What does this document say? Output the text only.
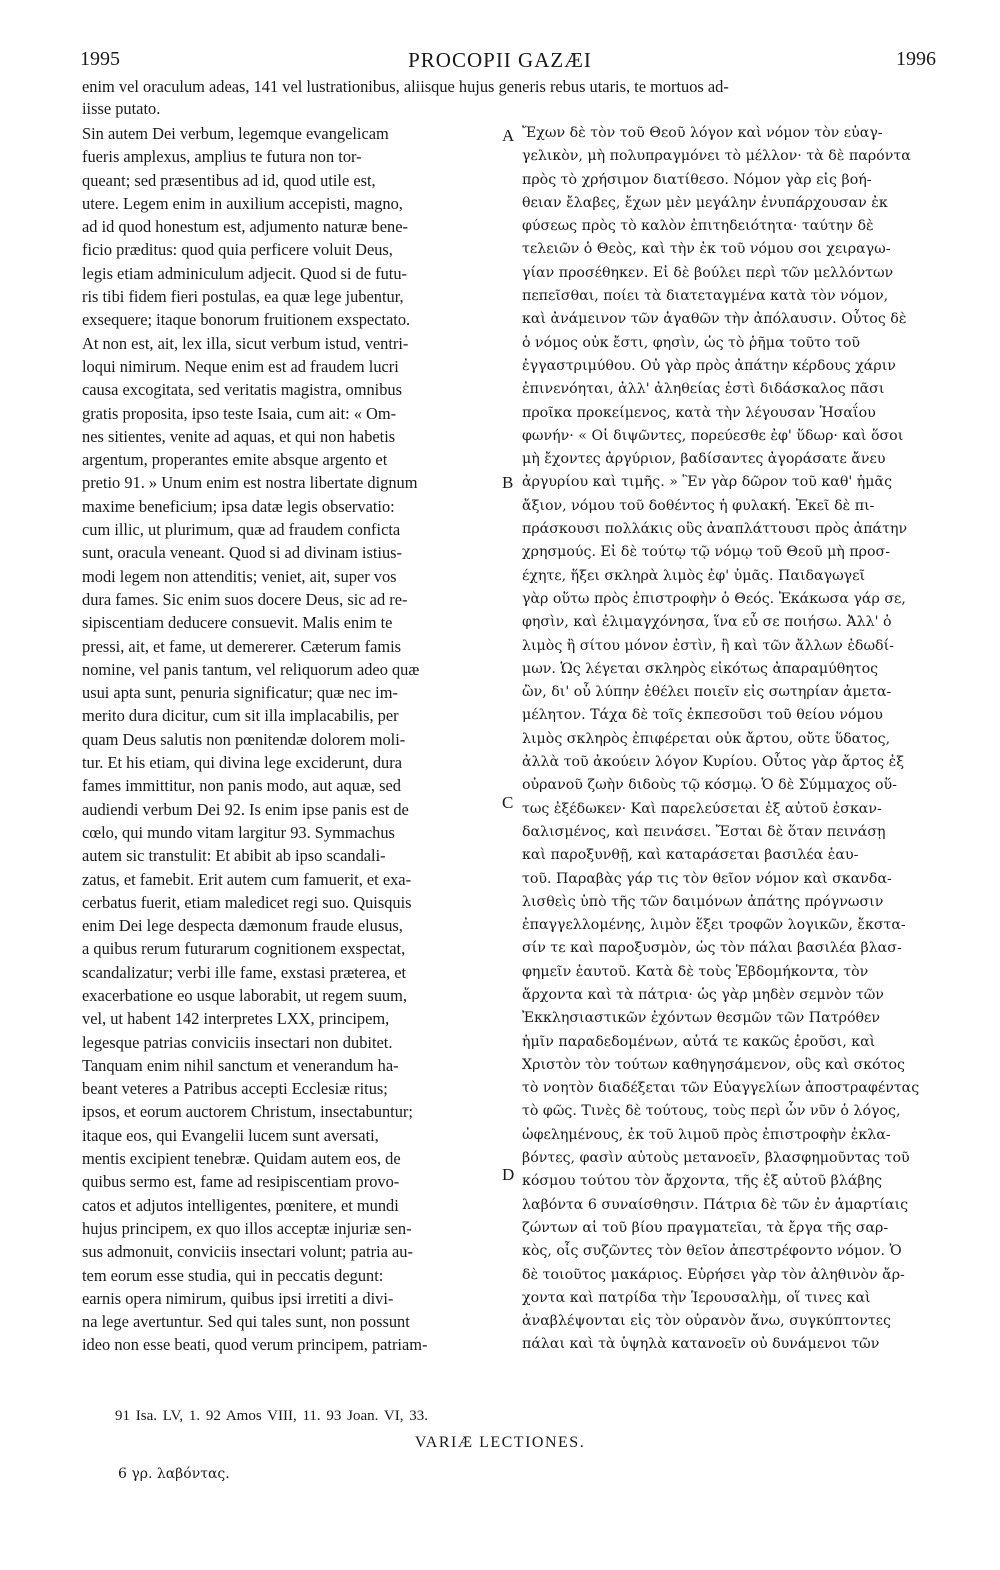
1995	PROCOPII GAZÆI	1996
enim vel oraculum adeas, 141 vel lustrationibus, aliisque hujus generis rebus utaris, te mortuos ad-
iisse putato.
Sin autem Dei verbum, legemque evangelicam
fueris amplexus, amplius te futura non tor-
queant; sed præsentibus ad id, quod utile est,
utere. Legem enim in auxilium accepisti, magno,
ad id quod honestum est, adjumento naturæ bene-
ficio præditus: quod quia perficere voluit Deus,
legis etiam adminiculum adjecit. Quod si de futu-
ris tibi fidem fieri postulas, ea quæ lege jubentur,
exsequere; itaque bonorum fruitionem exspectato.
At non est, ait, lex illa, sicut verbum istud, ventri-
loqui nimirum. Neque enim est ad fraudem lucri
causa excogitata, sed veritatis magistra, omnibus
gratis proposita, ipso teste Isaia, cum ait: « Om-
nes sitientes, venite ad aquas, et qui non habetis
argentum, properantes emite absque argento et
pretio 91. » Unum enim est nostra libertate dignum
maxime beneficium; ipsa datæ legis observatio:
cum illic, ut plurimum, quæ ad fraudem conficta
sunt, oracula veneant. Quod si ad divinam istius-
modi legem non attenditis; veniet, ait, super vos
dura fames. Sic enim suos docere Deus, sic ad re-
sipiscentiam deducere consuevit. Malis enim te
pressi, ait, et fame, ut demererer. Cæterum famis
nomine, vel panis tantum, vel reliquorum adeo quæ
usui apta sunt, penuria significatur; quæ nec im-
merito dura dicitur, cum sit illa implacabilis, per
quam Deus salutis non pœnitendæ dolorem moli-
tur. Et his etiam, qui divina lege exciderunt, dura
fames immittitur, non panis modo, aut aquæ, sed
audiendi verbum Dei 92. Is enim ipse panis est de
cœlo, qui mundo vitam largitur 93. Symmachus
autem sic transtulit: Et abibit ab ipso scandali-
zatus, et famebit. Erit autem cum famuerit, et exa-
cerbatus fuerit, etiam maledicet regi suo. Quisquis
enim Dei lege despecta dæmonum fraude elusus,
a quibus rerum futurarum cognitionem exspectat,
scandalizatur; verbi ille fame, exstasi præterea, et
exacerbatione eo usque laborabit, ut regem suum,
vel, ut habent 142 interpretes LXX, principem,
legesque patrias conviciis insectari non dubitet.
Tanquam enim nihil sanctum et venerandum ha-
beant veteres a Patribus accepti Ecclesiæ ritus;
ipsos, et eorum auctorem Christum, insectabuntur;
itaque eos, qui Evangelii lucem sunt aversati,
mentis excipient tenebræ. Quidam autem eos, de
quibus sermo est, fame ad resipiscentiam provo-
catos et adjutos intelligentes, pœnitere, et mundi
hujus principem, ex quo illos acceptæ injuriæ sen-
sus admonuit, conviciis insectari volunt; patria au-
tem eorum esse studia, qui in peccatis degunt:
earnis opera nimirum, quibus ipsi irretiti a divi-
na lege avertuntur. Sed qui tales sunt, non possunt
ideo non esse beati, quod verum principem, patriam-
Ἔχων δὲ τὸν τοῦ Θεοῦ λόγον καὶ νόμον τὸν εὐαγ-
γελικὸν, μὴ πολυπραγμόνει τὸ μέλλον· τὰ δὲ παρόντα
πρὸς τὸ χρήσιμον διατίθεσο. Νόμον γὰρ εἰς βοή-
θειαν ἔλαβες, ἔχων μὲν μεγάλην ἐνυπάρχουσαν ἐκ
φύσεως πρὸς τὸ καλὸν ἐπιτηδειότητα· ταύτην δὲ
τελειῶν ὁ Θεὸς, καὶ τὴν ἐκ τοῦ νόμου σοι χειραγω-
γίαν προσέθηκεν. Εἰ δὲ βούλει περὶ τῶν μελλόντων
πεπεῖσθαι, ποίει τὰ διατεταγμένα κατὰ τὸν νόμον,
καὶ ἀνάμεινον τῶν ἀγαθῶν τὴν ἀπόλαυσιν. Οὗτος δὲ
ὁ νόμος οὐκ ἔστι, φησὶν, ὡς τὸ ῥῆμα τοῦτο τοῦ
ἐγγαστριμύθου. Οὐ γὰρ πρὸς ἀπάτην κέρδους χάριν
ἐπινενόηται, ἀλλ' ἀληθείας ἐστὶ διδάσκαλος πᾶσι
προῖκα προκείμενος, κατὰ τὴν λέγουσαν Ἡσαΐου
φωνήν· « Οἱ διψῶντες, πορεύεσθε ἐφ' ὕδωρ· καὶ ὅσοι
μὴ ἔχοντες ἀργύριον, βαδίσαντες ἀγοράσατε ἄνευ
ἀργυρίου καὶ τιμῆς. » Ἓν γὰρ δῶρον τοῦ καθ' ἡμᾶς
ἄξιον, νόμου τοῦ δοθέντος ἡ φυλακή. Ἐκεῖ δὲ πι-
πράσκουσι πολλάκις οὓς ἀναπλάττουσι πρὸς ἀπάτην
χρησμούς. Εἰ δὲ τούτῳ τῷ νόμῳ τοῦ Θεοῦ μὴ προσ-
έχητε, ἥξει σκληρὰ λιμὸς ἐφ' ὑμᾶς. Παιδαγωγεῖ
γὰρ οὕτω πρὸς ἐπιστροφὴν ὁ Θεός. Ἐκάκωσα γάρ σε,
φησὶν, καὶ ἐλιμαγχόνησα, ἵνα εὖ σε ποιήσω. Ἀλλ' ὁ
λιμὸς ἢ σίτου μόνον ἐστὶν, ἢ καὶ τῶν ἄλλων ἐδωδί-
μων. Ὡς λέγεται σκληρὸς εἰκότως ἀπαραμύθητος
ὢν, δι' οὗ λύπην ἐθέλει ποιεῖν εἰς σωτηρίαν ἀμετα-
μέλητον. Τάχα δὲ τοῖς ἐκπεσοῦσι τοῦ θείου νόμου
λιμὸς σκληρὸς ἐπιφέρεται οὐκ ἄρτου, οὔτε ὕδατος,
ἀλλὰ τοῦ ἀκούειν λόγον Κυρίου. Οὗτος γὰρ ἄρτος ἐξ
οὐρανοῦ ζωὴν διδοὺς τῷ κόσμῳ. Ὁ δὲ Σύμμαχος οὕ-
τως ἐξέδωκεν· Καὶ παρελεύσεται ἐξ αὐτοῦ ἐσκαν-
δαλισμένος, καὶ πεινάσει. Ἔσται δὲ ὅταν πεινάσῃ
καὶ παροξυνθῇ, καὶ καταράσεται βασιλέα ἑαυ-
τοῦ. Παραβὰς γάρ τις τὸν θεῖον νόμον καὶ σκανδα-
λισθεὶς ὑπὸ τῆς τῶν δαιμόνων ἀπάτης πρόγνωσιν
ἐπαγγελλομένης, λιμὸν ἕξει τροφῶν λογικῶν, ἔκστα-
σίν τε καὶ παροξυσμὸν, ὡς τὸν πάλαι βασιλέα βλασ-
φημεῖν ἑαυτοῦ. Κατὰ δὲ τοὺς Ἑβδομήκοντα, τὸν
ἄρχοντα καὶ τὰ πάτρια· ὡς γὰρ μηδὲν σεμνὸν τῶν
Ἐκκλησιαστικῶν ἐχόντων θεσμῶν τῶν Πατρόθεν
ἡμῖν παραδεδομένων, αὐτά τε κακῶς ἐροῦσι, καὶ
Χριστὸν τὸν τούτων καθηγησάμενον, οὓς καὶ σκότος
τὸ νοητὸν διαδέξεται τῶν Εὐαγγελίων ἀποστραφέντας
τὸ φῶς. Τινὲς δὲ τούτους, τοὺς περὶ ὧν νῦν ὁ λόγος,
ὠφελημένους, ἐκ τοῦ λιμοῦ πρὸς ἐπιστροφὴν ἐκλα-
βόντες, φασὶν αὐτοὺς μετανοεῖν, βλασφημοῦντας τοῦ
κόσμου τούτου τὸν ἄρχοντα, τῆς ἐξ αὐτοῦ βλάβης
λαβόντα 6 συναίσθησιν. Πάτρια δὲ τῶν ἐν ἁμαρτίαις
ζώντων αἱ τοῦ βίου πραγματεῖαι, τὰ ἔργα τῆς σαρ-
κὸς, οἷς συζῶντες τὸν θεῖον ἀπεστρέφοντο νόμον. Ὁ
δὲ τοιοῦτος μακάριος. Εὑρήσει γὰρ τὸν ἀληθινὸν ἄρ-
χοντα καὶ πατρίδα τὴν Ἱερουσαλὴμ, οἵ τινες καὶ
ἀναβλέψονται εἰς τὸν οὐρανὸν ἄνω, συγκύπτοντες
πάλαι καὶ τὰ ὑψηλὰ κατανοεῖν οὐ δυνάμενοι τῶν
A
B
C
D
91 Isa. LV, 1. 92 Amos VIII, 11. 93 Joan. VI, 33.
VARIÆ LECTIONES.
6 γρ. λαβόντας.
